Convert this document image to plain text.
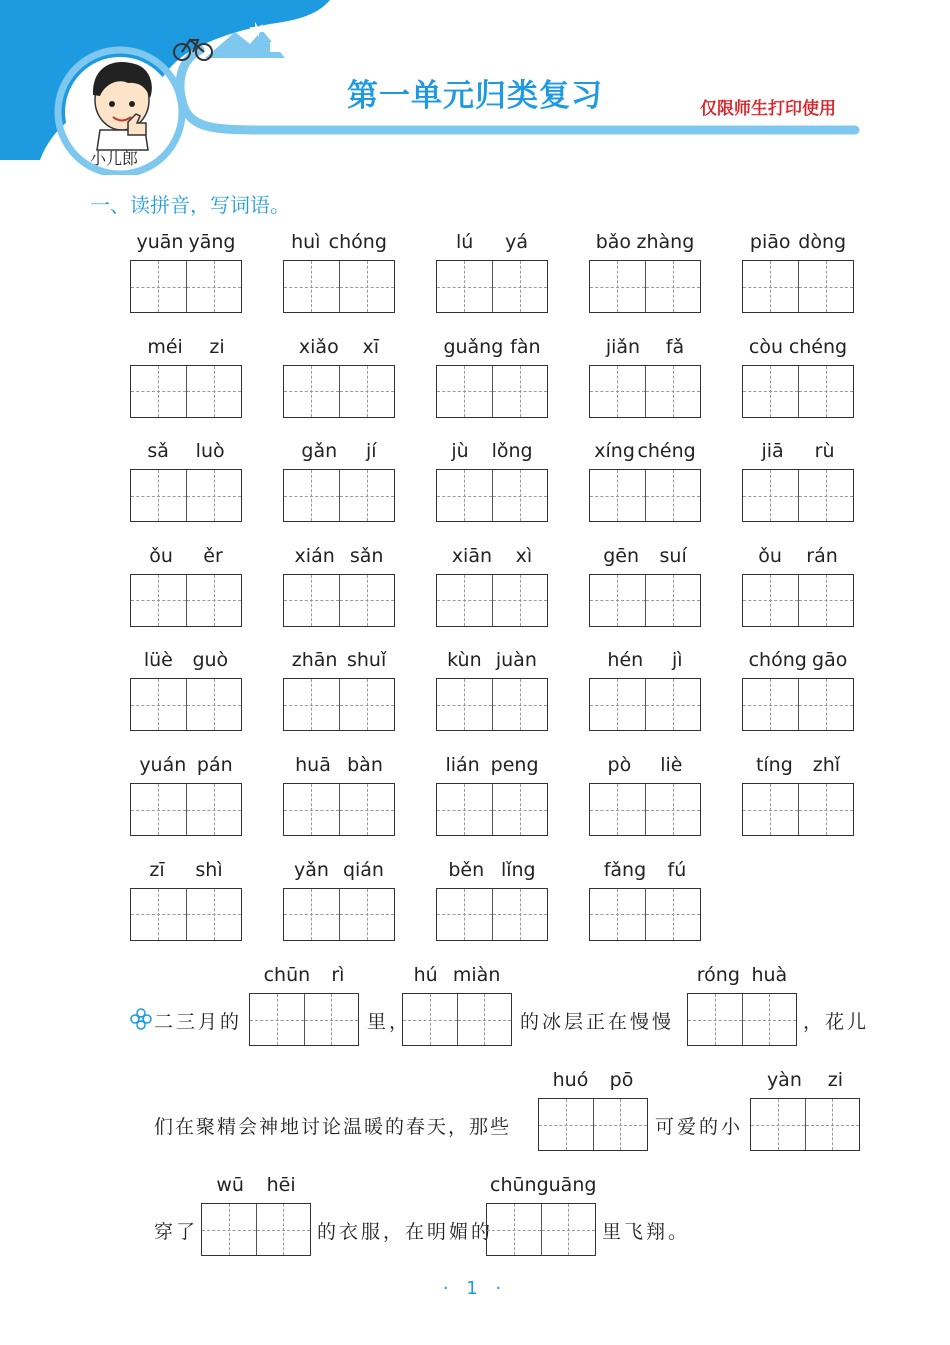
第一单元归类复习	仅限师生打印使用
小儿郎
一、读拼音，写词语。
yuān yāng	huì chóng	lú yá	bǎo zhàng	piāo dòng
méi zi	xiǎo xī	guǎng fàn	jiǎn fǎ	còu chéng
sǎ luò	gǎn jí	jù lǒng	xíng chéng	jiā rù
ǒu ěr	xián sǎn	xiān xì	gēn suí	ǒu rán
lüè guò	zhān shuǐ	kùn juàn	hén jì	chóng gāo
yuán pán	huā bàn	lián peng	pò liè	tíng zhǐ
zī shì	yǎn qián	běn lǐng	fǎng fú
二三月的
chūn rì
里，
hú miàn
的冰层正在慢慢
róng huà
，花儿
们在聚精会神地讨论温暖的春天，那些
huó pō
可爱的小
yàn zi
穿了
wū hēi
的衣服，在明媚的
chūn guāng
里飞翔。
· 1 ·
